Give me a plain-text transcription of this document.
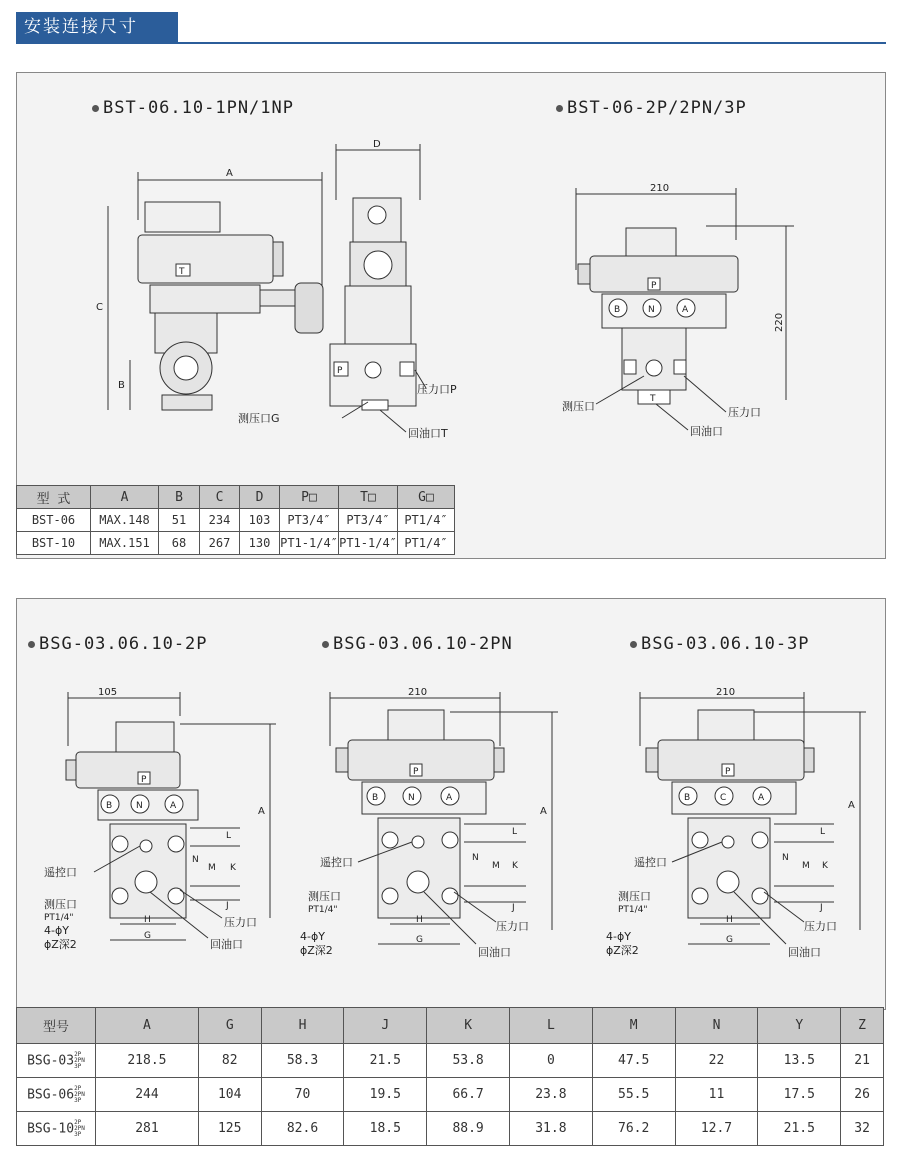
安装连接尺寸
BST-06.10-1PN/1NP	BST-06-2P/2PN/3P
A
C
B
T
D
P
压力口P
测压口G
回油口T
210
220
P
B	N	A
T
测压口	压力口
回油口
型 式	A	B	C	D	P□	T□	G□
BST-06	MAX.148	51	234	103	PT3/4″	PT3/4″	PT1/4″
BST-10	MAX.151	68	267	130	PT1-1/4″	PT1-1/4″	PT1/4″
BSG-03.06.10-2P	BSG-03.06.10-2PN	BSG-03.06.10-3P
105
A
P
B	N	A
L
N
M K
J
H
G
遥控口
测压口
PT1/4"
4-ϕY
ϕZ深2
压力口
回油口
210
A
P
B	N	A
L
N
M K
J
H
G
遥控口
测压口
PT1/4"
4-ϕY
ϕZ深2
压力口
回油口
210
A
P
B	C	A
L
N
M K
J
H
G
遥控口
测压口
PT1/4"
4-ϕY
ϕZ深2
压力口
回油口
型号	A	G	H	J	K	L	M	N	Y	Z
BSG-032P
2PN
3P	218.5	82	58.3	21.5	53.8	0	47.5	22	13.5	21
BSG-062P
2PN
3P	244	104	70	19.5	66.7	23.8	55.5	11	17.5	26
BSG-102P
2PN
3P	281	125	82.6	18.5	88.9	31.8	76.2	12.7	21.5	32
